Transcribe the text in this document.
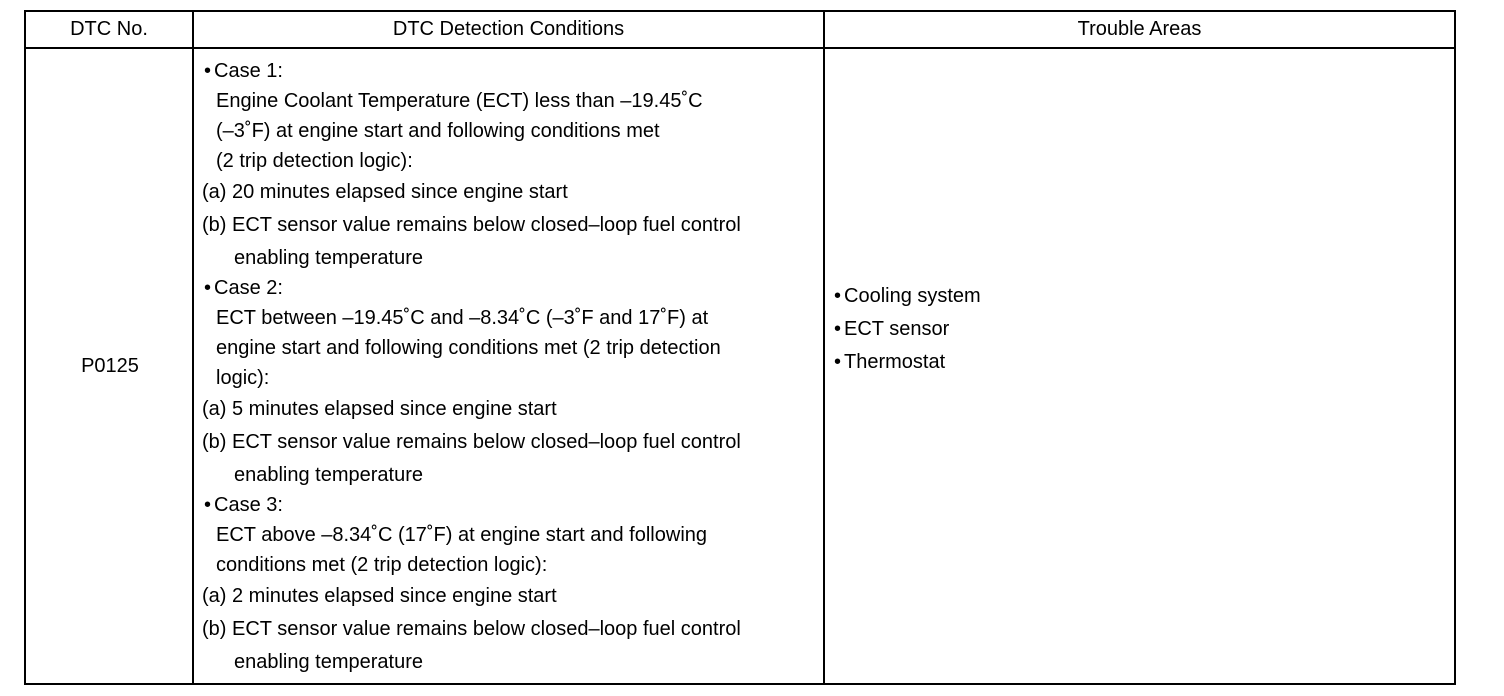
DTC No.	DTC Detection Conditions	Trouble Areas
P0125
• Case 1:
Engine Coolant Temperature (ECT) less than –19.45˚C
(–3˚F) at engine start and following conditions met
(2 trip detection logic):
(a) 20 minutes elapsed since engine start
(b) ECT sensor value remains below closed–loop fuel control
enabling temperature
• Case 2:
ECT between –19.45˚C and –8.34˚C (–3˚F and 17˚F) at
engine start and following conditions met (2 trip detection
logic):
(a) 5 minutes elapsed since engine start
(b) ECT sensor value remains below closed–loop fuel control
enabling temperature
• Case 3:
ECT above –8.34˚C (17˚F) at engine start and following
conditions met (2 trip detection logic):
(a) 2 minutes elapsed since engine start
(b) ECT sensor value remains below closed–loop fuel control
enabling temperature
• Cooling system
• ECT sensor
• Thermostat
